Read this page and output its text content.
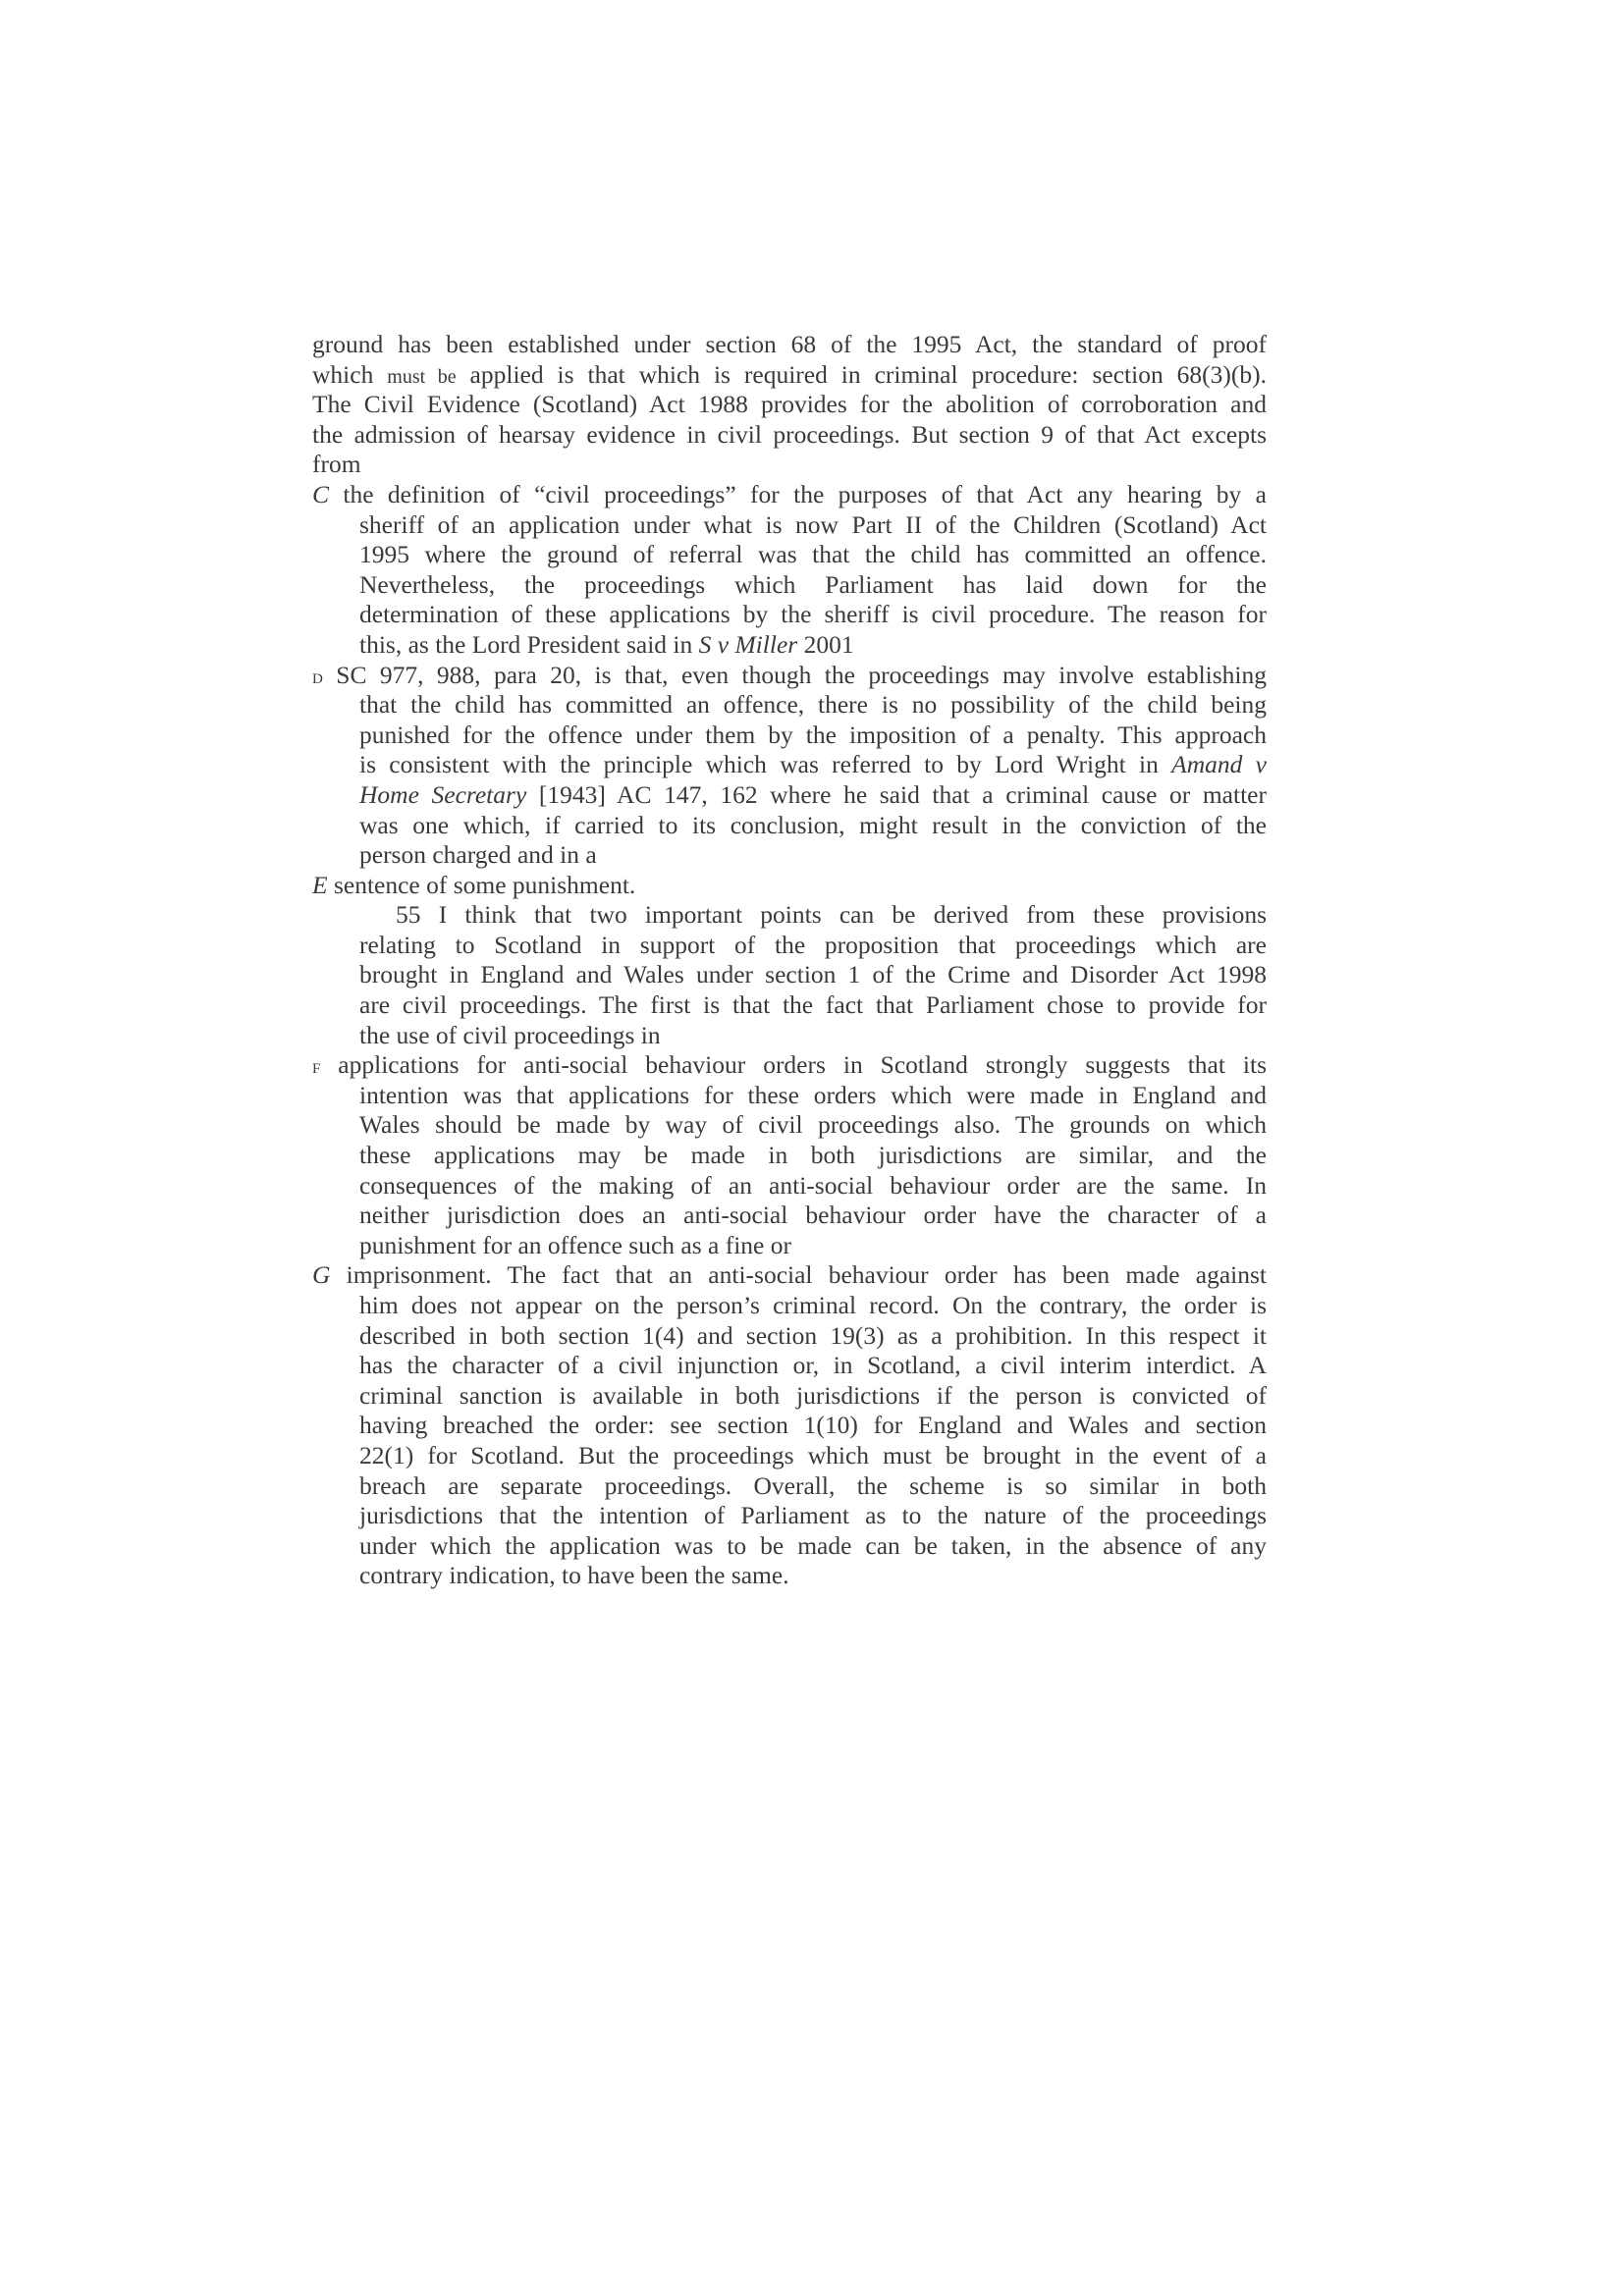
ground has been established under section 68 of the 1995 Act, the standard of proof
which must be applied is that which is required in criminal procedure: section 68(3)(b).
The Civil Evidence (Scotland) Act 1988 provides for the abolition of corroboration and
the admission of hearsay evidence in civil proceedings. But section 9 of that Act excepts
from
C the definition of “civil proceedings” for the purposes of that Act any hearing by a
sheriff of an application under what is now Part II of the Children (Scotland) Act
1995 where the ground of referral was that the child has committed an offence.
Nevertheless, the proceedings which Parliament has laid down for the
determination of these applications by the sheriff is civil procedure. The reason for
this, as the Lord President said in S v Miller 2001
D SC 977, 988, para 20, is that, even though the proceedings may involve establishing
that the child has committed an offence, there is no possibility of the child being
punished for the offence under them by the imposition of a penalty. This approach
is consistent with the principle which was referred to by Lord Wright in Amand v
Home Secretary [1943] AC 147, 162 where he said that a criminal cause or matter
was one which, if carried to its conclusion, might result in the conviction of the
person charged and in a
E sentence of some punishment.
55 I think that two important points can be derived from these provisions
relating to Scotland in support of the proposition that proceedings which are
brought in England and Wales under section 1 of the Crime and Disorder Act 1998
are civil proceedings. The first is that the fact that Parliament chose to provide for
the use of civil proceedings in
F applications for anti-social behaviour orders in Scotland strongly suggests that its
intention was that applications for these orders which were made in England and
Wales should be made by way of civil proceedings also. The grounds on which
these applications may be made in both jurisdictions are similar, and the
consequences of the making of an anti-social behaviour order are the same. In
neither jurisdiction does an anti-social behaviour order have the character of a
punishment for an offence such as a fine or
G imprisonment. The fact that an anti-social behaviour order has been made against
him does not appear on the person’s criminal record. On the contrary, the order is
described in both section 1(4) and section 19(3) as a prohibition. In this respect it
has the character of a civil injunction or, in Scotland, a civil interim interdict. A
criminal sanction is available in both jurisdictions if the person is convicted of
having breached the order: see section 1(10) for England and Wales and section
22(1) for Scotland. But the proceedings which must be brought in the event of a
breach are separate proceedings. Overall, the scheme is so similar in both
jurisdictions that the intention of Parliament as to the nature of the proceedings
under which the application was to be made can be taken, in the absence of any
contrary indication, to have been the same.
